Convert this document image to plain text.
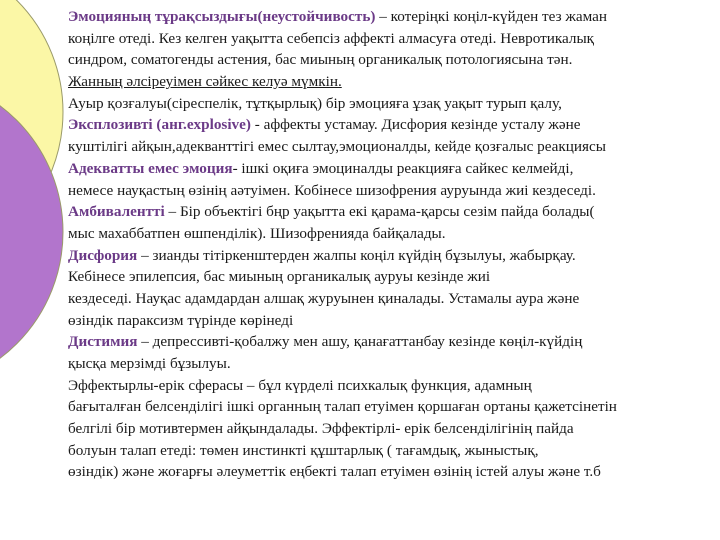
Эмоцияның тұрақсыздығы(неустойчивость) – котеріңкі коңіл-күйден тез жаман
коңілге отеді. Кез келген уақытта себепсіз аффекті алмасуға отеді. Невротикалық
синдром, соматогенды астения, бас миының органикалық потологиясына тән.
Жанның әлсіреуімен сәйкес келуә мүмкін.
Ауыр қозғалуы(сіреспелік, тұтқырлық) бір эмоцияға ұзақ уақыт турып қалу,
Эксплозивті (анг.explosive) - аффекты устамау. Дисфория кезінде усталу және
куштілігі айқын,адекванттігі емес сылтау,эмоционалды, кейде қозғалыс реакциясы
Адекватты емес эмоция- ішкі оқиға эмоциналды реакцияға сайкес келмейді,
немесе науқастың өзінің аәтуімен. Кобінесе шизофрения ауруында жиі кездеседі.
Амбиваленттi – Бір объектігі бңр уақытта екі қарама-қарсы сезім пайда болады(
мыс махаббатпен өшпенділік). Шизофренияда байқалады.
Дисфория – зианды тітіркенштерден жалпы коңіл күйдің бұзылуы, жабырқау.
Кебінесе эпилепсия, бас миының органикалық ауруы кезінде жиі
кездеседі. Науқас адамдардан алшақ журуынен қиналады. Устамалы аура және
өзіндік параксизм түрінде көрінеді
Дистимия – депрессивті-қобалжу мен ашу, қанағаттанбау кезінде көңіл-күйдің
қысқа мерзімді бұзылуы.
Эффектырлы-ерік сферасы – бұл күрделі психкалық функция, адамның
бағыталған белсенділігі ішкі органның талап етуімен қоршаған ортаны қажетсінетін
белгілі бір мотивтермен айқындалады. Эффектірлі- ерік белсенділігінің пайда
болуын талап етеді: төмен инстинкті құштарлық ( тағамдық, жыныстық,
өзіндік) және жоғарғы әлеуметтік еңбекті талап етуімен өзінің істей алуы және т.б
